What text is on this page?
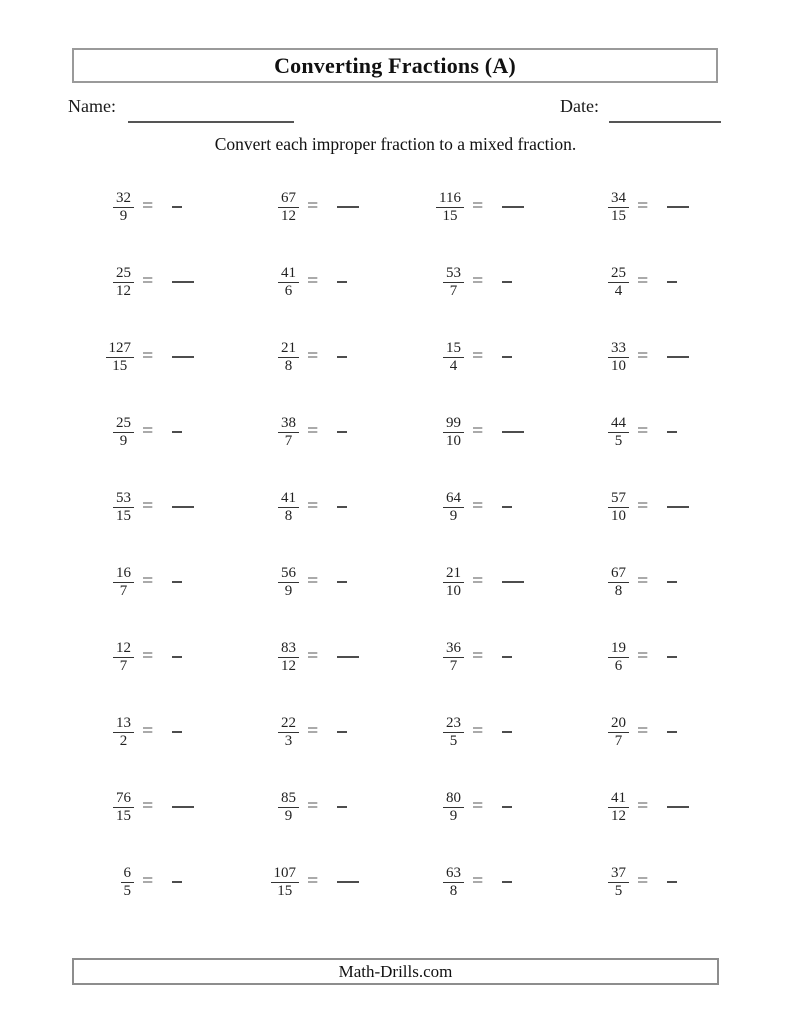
Converting Fractions (A)
Name:	Date:
Convert each improper fraction to a mixed fraction.
$\frac{32}{9}$ =	$\frac{67}{12}$ =	$\frac{116}{15}$ =	$\frac{34}{15}$ =
$\frac{25}{12}$ =	$\frac{41}{6}$ =	$\frac{53}{7}$ =	$\frac{25}{4}$ =
$\frac{127}{15}$ =	$\frac{21}{8}$ =	$\frac{15}{4}$ =	$\frac{33}{10}$ =
$\frac{25}{9}$ =	$\frac{38}{7}$ =	$\frac{99}{10}$ =	$\frac{44}{5}$ =
$\frac{53}{15}$ =	$\frac{41}{8}$ =	$\frac{64}{9}$ =	$\frac{57}{10}$ =
$\frac{16}{7}$ =	$\frac{56}{9}$ =	$\frac{21}{10}$ =	$\frac{67}{8}$ =
$\frac{12}{7}$ =	$\frac{83}{12}$ =	$\frac{36}{7}$ =	$\frac{19}{6}$ =
$\frac{13}{2}$ =	$\frac{22}{3}$ =	$\frac{23}{5}$ =	$\frac{20}{7}$ =
$\frac{76}{15}$ =	$\frac{85}{9}$ =	$\frac{80}{9}$ =	$\frac{41}{12}$ =
$\frac{6}{5}$ =	$\frac{107}{15}$ =	$\frac{63}{8}$ =	$\frac{37}{5}$ =
Math-Drills.com
